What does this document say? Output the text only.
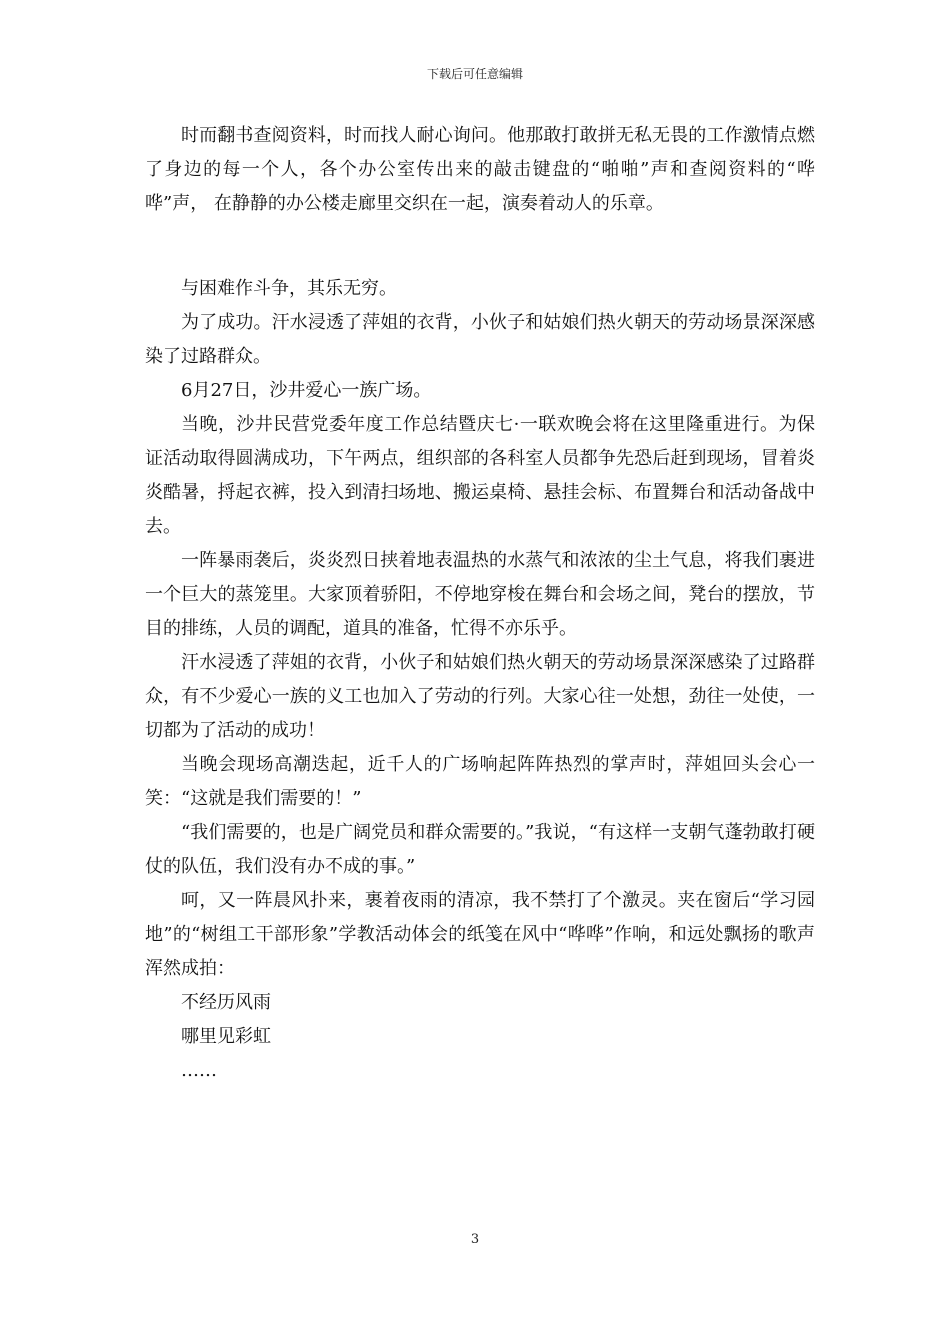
下载后可任意编辑

时而翻书查阅资料，时而找人耐心询问。他那敢打敢拼无私无畏的工作激情点燃了身边的每一个人，各个办公室传出来的敲击键盘的“啪啪”声和查阅资料的“哗哗”声， 在静静的办公楼走廊里交织在一起，演奏着动人的乐章。

与困难作斗争，其乐无穷。

为了成功。汗水浸透了萍姐的衣背，小伙子和姑娘们热火朝天的劳动场景深深感染了过路群众。

6月27日，沙井爱心一族广场。

当晚，沙井民营党委年度工作总结暨庆七·一联欢晚会将在这里隆重进行。为保证活动取得圆满成功，下午两点，组织部的各科室人员都争先恐后赶到现场，冒着炎炎酷暑，捋起衣裤，投入到清扫场地、搬运桌椅、悬挂会标、布置舞台和活动备战中去。

一阵暴雨袭后，炎炎烈日挟着地表温热的水蒸气和浓浓的尘土气息，将我们裹进一个巨大的蒸笼里。大家顶着骄阳，不停地穿梭在舞台和会场之间，凳台的摆放，节目的排练，人员的调配，道具的准备，忙得不亦乐乎。

汗水浸透了萍姐的衣背，小伙子和姑娘们热火朝天的劳动场景深深感染了过路群众，有不少爱心一族的义工也加入了劳动的行列。大家心往一处想，劲往一处使，一切都为了活动的成功！

当晚会现场高潮迭起，近千人的广场响起阵阵热烈的掌声时，萍姐回头会心一笑：“这就是我们需要的！”

“我们需要的，也是广阔党员和群众需要的。”我说，“有这样一支朝气蓬勃敢打硬仗的队伍，我们没有办不成的事。”

呵，又一阵晨风扑来，裹着夜雨的清凉，我不禁打了个激灵。夹在窗后“学习园地”的“树组工干部形象”学教活动体会的纸笺在风中“哗哗”作响，和远处飘扬的歌声浑然成拍：

不经历风雨

哪里见彩虹

……

3
